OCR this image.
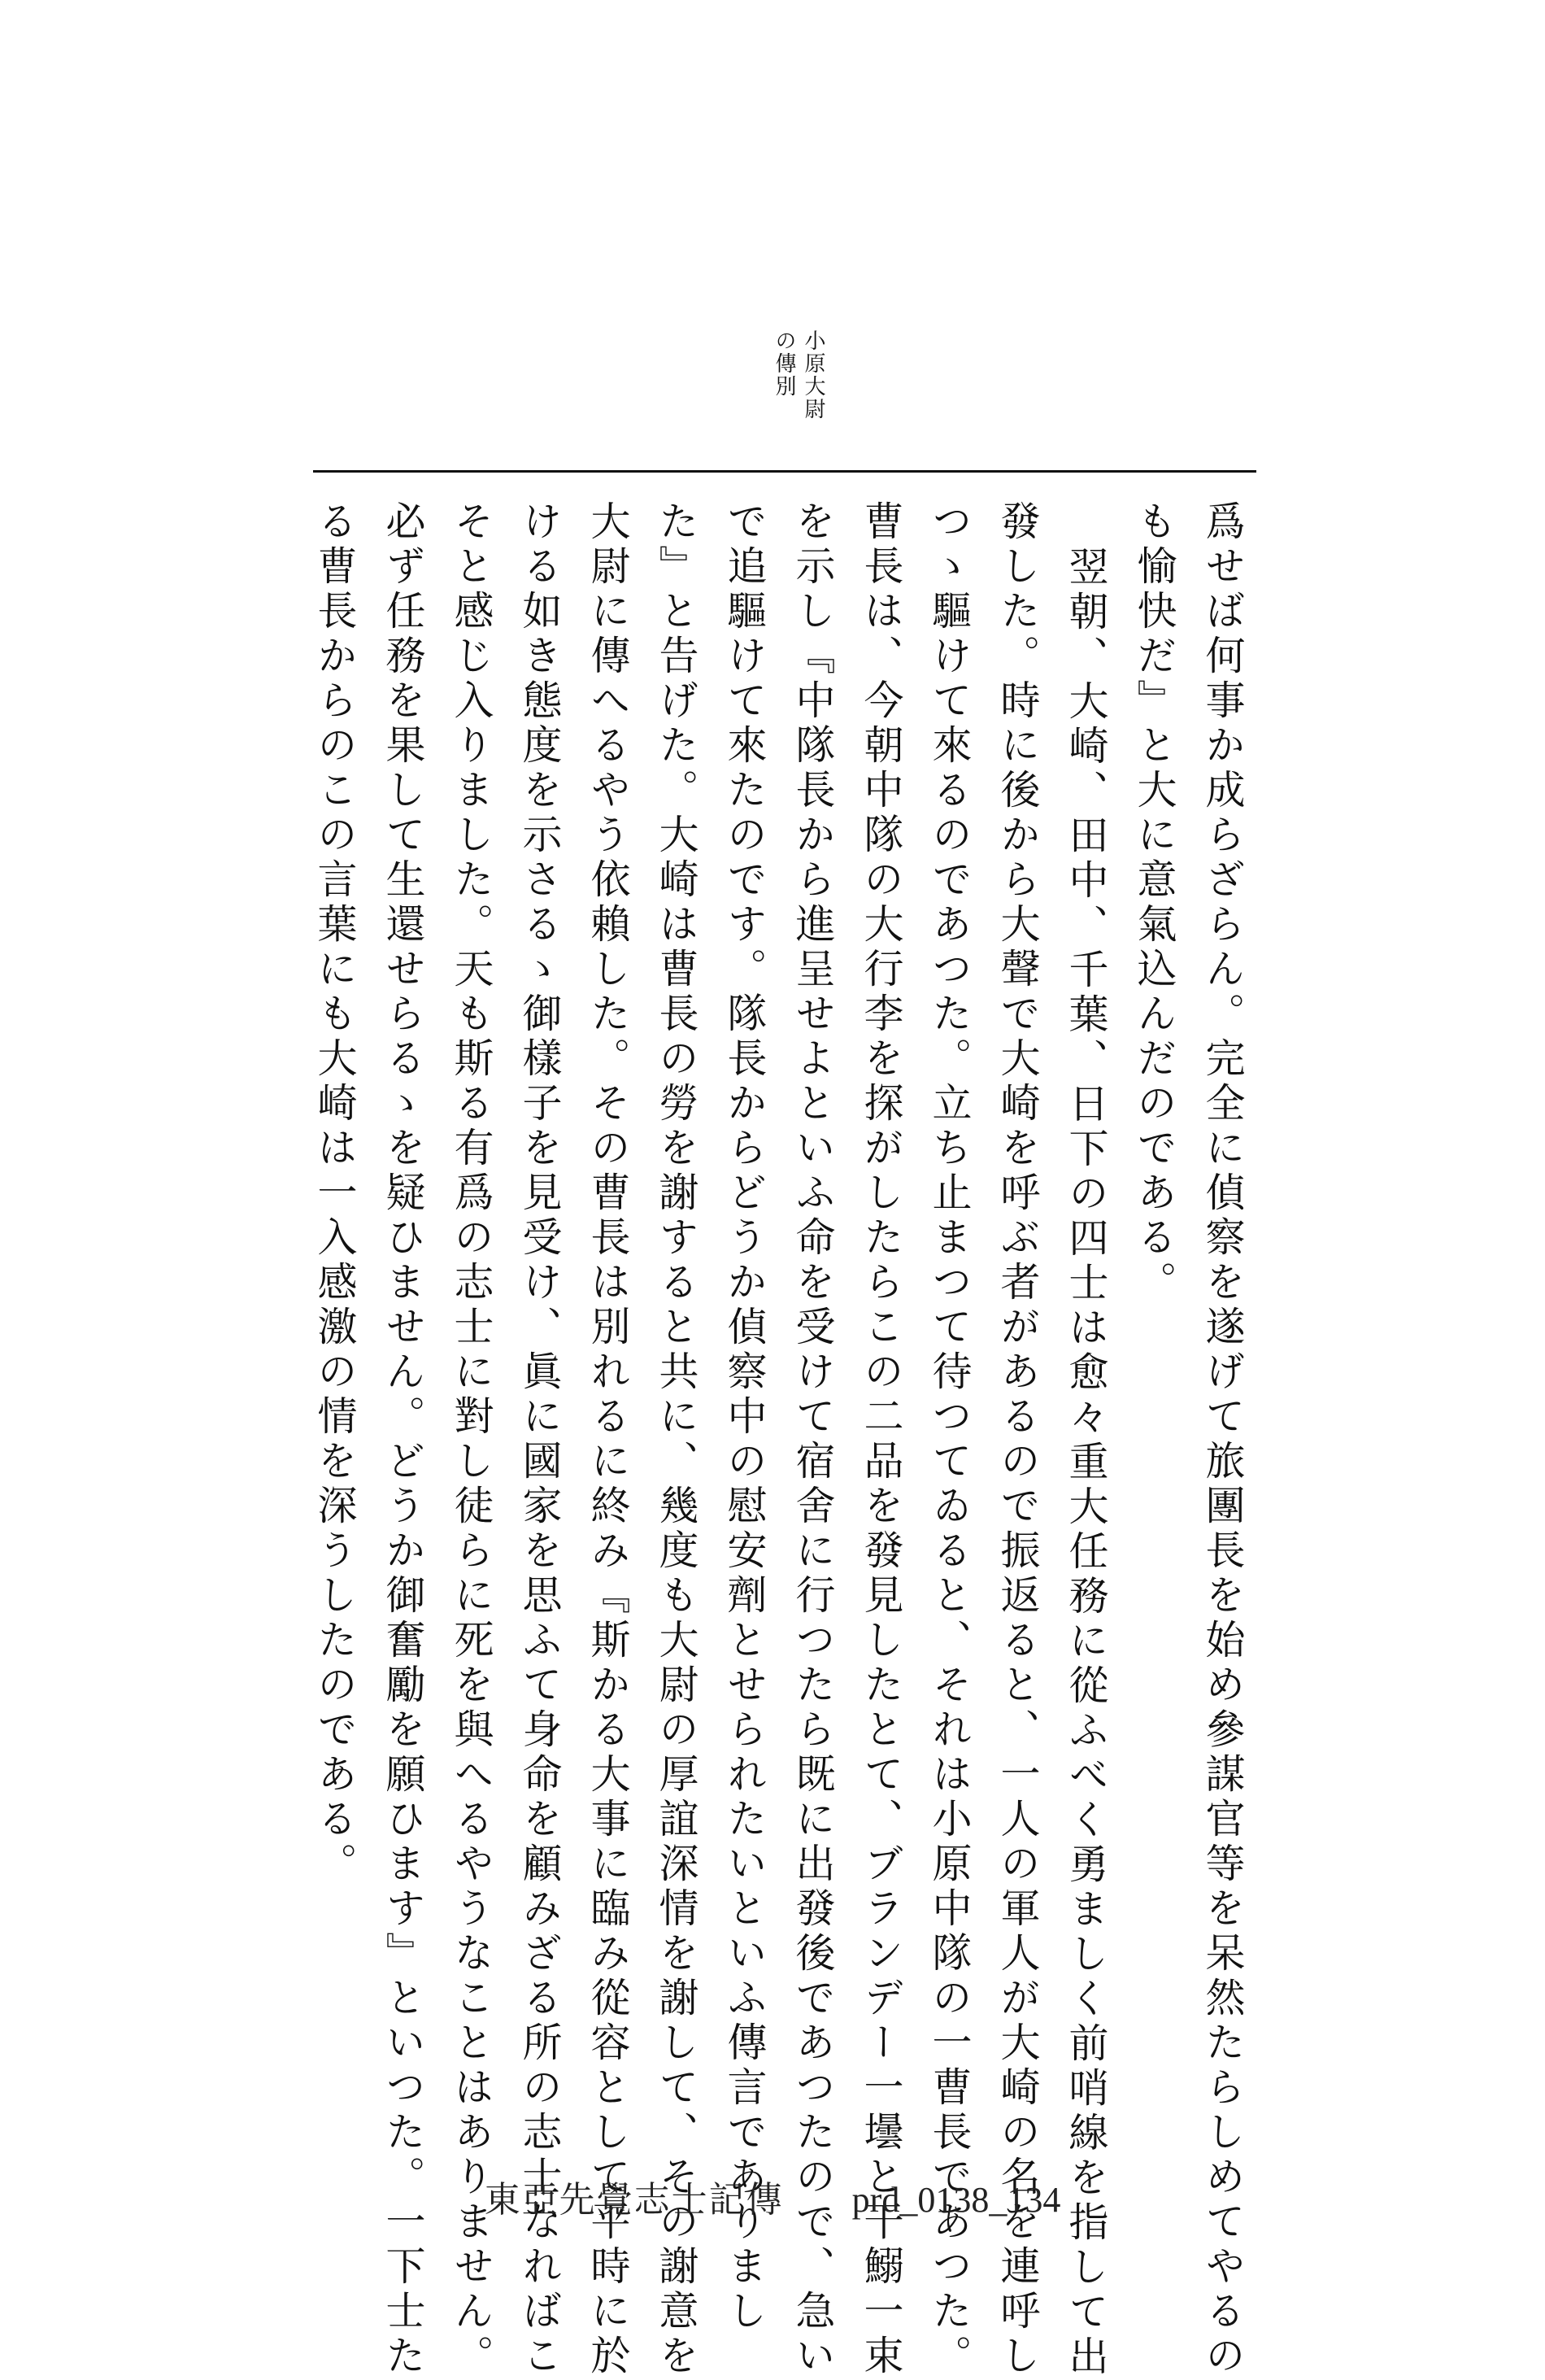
小原大尉
の傳別
爲せば何事か成らざらん。完全に偵察を遂げて旅團長を始め參謀官等を呆然たらしめてやるの
も愉快だ』と大に意氣込んだのである。
翌朝、大崎、田中、千葉、日下の四士は愈々重大任務に從ふべく勇ましく前哨線を指して出
發した。時に後から大聲で大崎を呼ぶ者があるので振返ると、一人の軍人が大崎の名を連呼し
つゝ驅けて來るのであつた。立ち止まつて待つてゐると、それは小原中隊の一曹長であつた。
曹長は、今朝中隊の大行李を探がしたらこの二品を發見したとて、ブランデー一壜と干鰯一束
を示し『中隊長から進呈せよといふ命を受けて宿舍に行つたら既に出發後であつたので、急い
で追驅けて來たのです。隊長からどうか偵察中の慰安劑とせられたいといふ傳言でありまし
た』と告げた。大崎は曹長の勞を謝すると共に、幾度も大尉の厚誼深情を謝して、その謝意を
大尉に傳へるやう依賴した。その曹長は別れるに終み『斯かる大事に臨み從容として平時に於
ける如き態度を示さるゝ御樣子を見受け、眞に國家を思ふて身命を顧みざる所の志士なればこ
そと感じ入りました。天も斯る有爲の志士に對し徒らに死を與へるやうなことはありません。
必ず任務を果して生還せらるゝを疑ひません。どうか御奮勵を願ひます』といつた。一下士た
る曹長からのこの言葉にも大崎は一入感激の情を深うしたのである。
東亞先覺志士記傳 prd_0138_134
